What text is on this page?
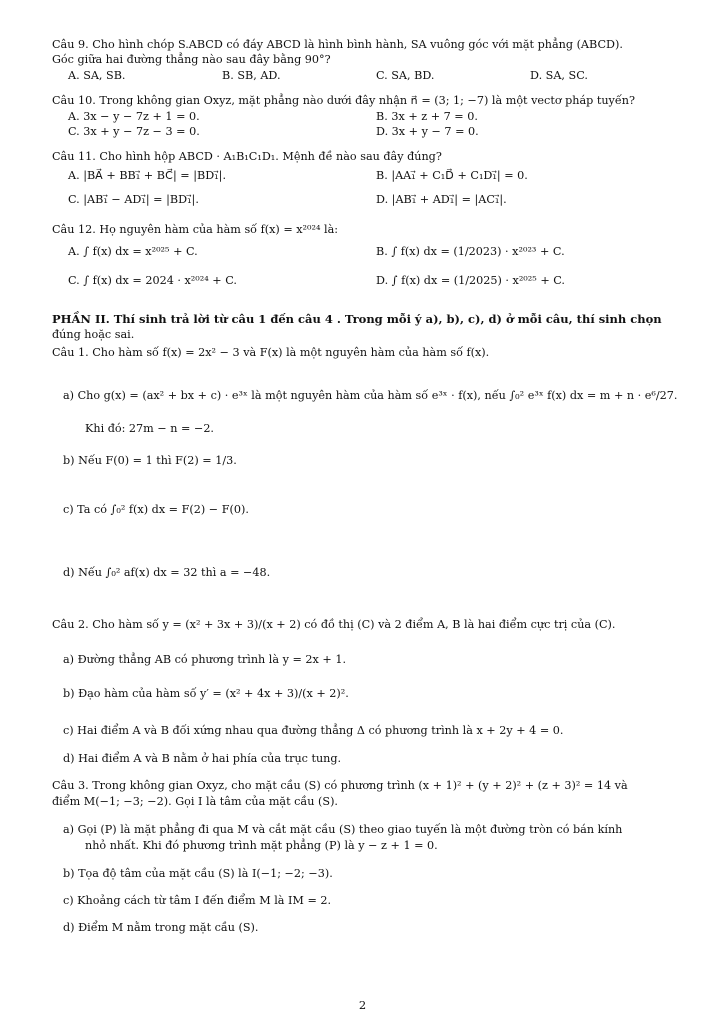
Câu 9. Cho hình chóp S.ABCD có đáy ABCD là hình bình hành, SA vuông góc với mặt phẳng (ABCD).
Góc giữa hai đường thẳng nào sau đây bằng 90°?
A. SA, SB.	B. SB, AD.	C. SA, BD.	D. SA, SC.
Câu 10. Trong không gian Oxyz, mặt phẳng nào dưới đây nhận n⃗ = (3; 1; −7) là một vectơ pháp tuyến?
A. 3x − y − 7z + 1 = 0.	B. 3x + z + 7 = 0.
C. 3x + y − 7z − 3 = 0.	D. 3x + y − 7 = 0.
Câu 11. Cho hình hộp ABCD · A₁B₁C₁D₁. Mệnh đề nào sau đây đúng?
A. |BA⃗ + BB₁⃗ + BC⃗| = |BD₁⃗|.	B. |AA₁⃗ + C₁D⃗ + C₁D₁⃗| = 0.
C. |AB₁⃗ − AD₁⃗| = |BD₁⃗|.	D. |AB₁⃗ + AD₁⃗| = |AC₁⃗|.
Câu 12. Họ nguyên hàm của hàm số f(x) = x²⁰²⁴ là:
A. ∫ f(x) dx = x²⁰²⁵ + C.	B. ∫ f(x) dx = (1/2023) · x²⁰²³ + C.
C. ∫ f(x) dx = 2024 · x²⁰²⁴ + C.	D. ∫ f(x) dx = (1/2025) · x²⁰²⁵ + C.
PHẦN II. Thí sinh trả lời từ câu 1 đến câu 4 . Trong mỗi ý a), b), c), d) ở mỗi câu, thí sinh chọn
đúng hoặc sai.
Câu 1. Cho hàm số f(x) = 2x² − 3 và F(x) là một nguyên hàm của hàm số f(x).
a) Cho g(x) = (ax² + bx + c) · e³ˣ là một nguyên hàm của hàm số e³ˣ · f(x), nếu ∫₀² e³ˣ f(x) dx = m + n · e⁶/27.
Khi đó: 27m − n = −2.
b) Nếu F(0) = 1 thì F(2) = 1/3.
c) Ta có ∫₀² f(x) dx = F(2) − F(0).
d) Nếu ∫₀² af(x) dx = 32 thì a = −48.
Câu 2. Cho hàm số y = (x² + 3x + 3)/(x + 2) có đồ thị (C) và 2 điểm A, B là hai điểm cực trị của (C).
a) Đường thẳng AB có phương trình là y = 2x + 1.
b) Đạo hàm của hàm số y′ = (x² + 4x + 3)/(x + 2)².
c) Hai điểm A và B đối xứng nhau qua đường thẳng Δ có phương trình là x + 2y + 4 = 0.
d) Hai điểm A và B nằm ở hai phía của trục tung.
Câu 3. Trong không gian Oxyz, cho mặt cầu (S) có phương trình (x + 1)² + (y + 2)² + (z + 3)² = 14 và
điểm M(−1; −3; −2). Gọi I là tâm của mặt cầu (S).
a) Gọi (P) là mặt phẳng đi qua M và cắt mặt cầu (S) theo giao tuyến là một đường tròn có bán kính
nhỏ nhất. Khi đó phương trình mặt phẳng (P) là y − z + 1 = 0.
b) Tọa độ tâm của mặt cầu (S) là I(−1; −2; −3).
c) Khoảng cách từ tâm I đến điểm M là IM = 2.
d) Điểm M nằm trong mặt cầu (S).
2
